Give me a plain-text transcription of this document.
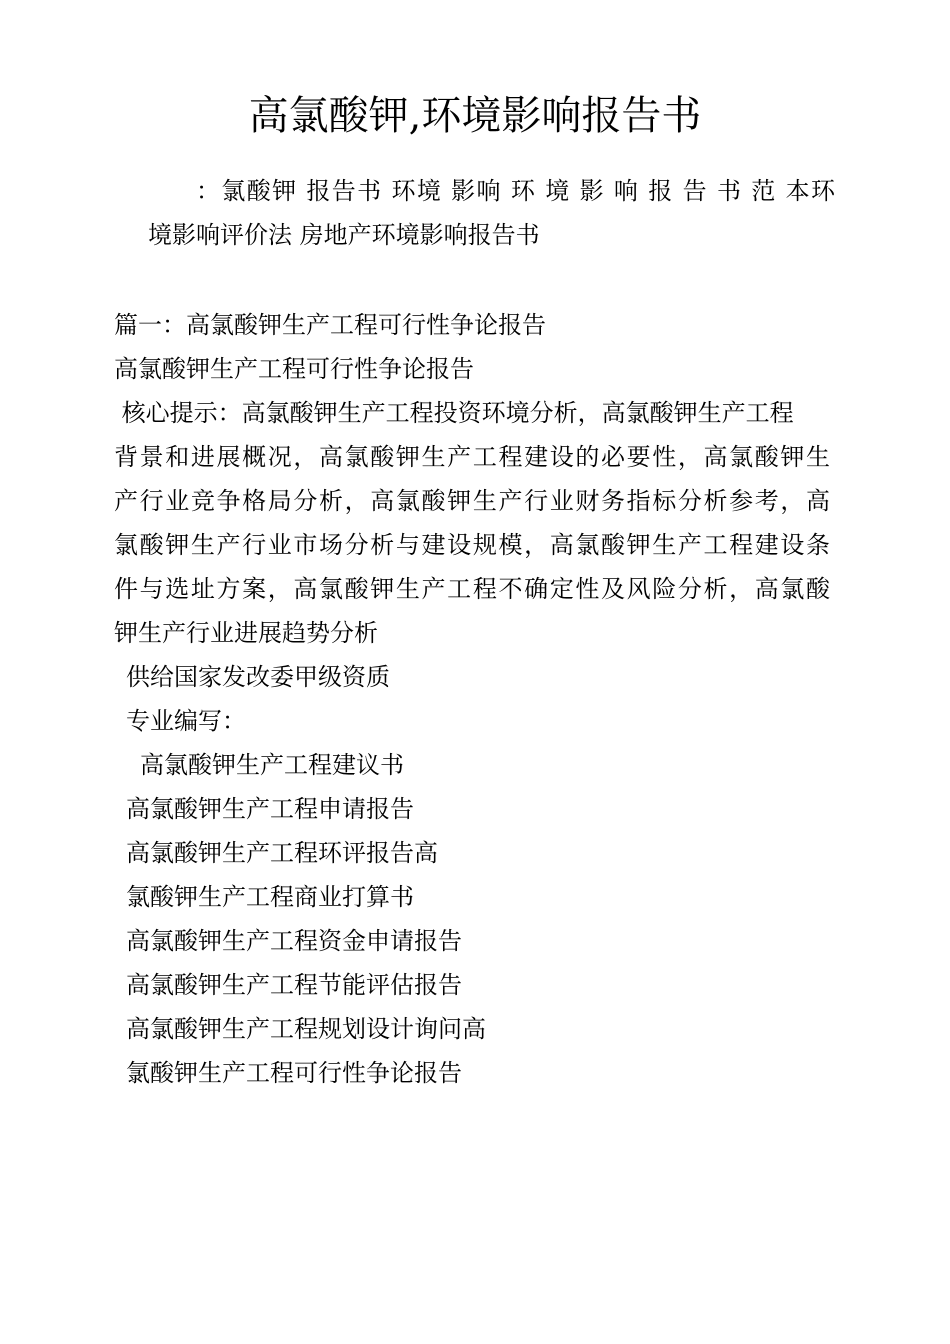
高氯酸钾,环境影响报告书
：氯酸钾 报告书 环境 影响 环 境 影 响 报 告 书 范 本环
境影响评价法 房地产环境影响报告书
篇一：高氯酸钾生产工程可行性争论报告
高氯酸钾生产工程可行性争论报告
核心提示：高氯酸钾生产工程投资环境分析，高氯酸钾生产工程
背景和进展概况，高氯酸钾生产工程建设的必要性，高氯酸钾生
产行业竞争格局分析，高氯酸钾生产行业财务指标分析参考，高
氯酸钾生产行业市场分析与建设规模，高氯酸钾生产工程建设条
件与选址方案，高氯酸钾生产工程不确定性及风险分析，高氯酸
钾生产行业进展趋势分析
供给国家发改委甲级资质
专业编写：
高氯酸钾生产工程建议书
高氯酸钾生产工程申请报告
高氯酸钾生产工程环评报告高
氯酸钾生产工程商业打算书
高氯酸钾生产工程资金申请报告
高氯酸钾生产工程节能评估报告
高氯酸钾生产工程规划设计询问高
氯酸钾生产工程可行性争论报告
